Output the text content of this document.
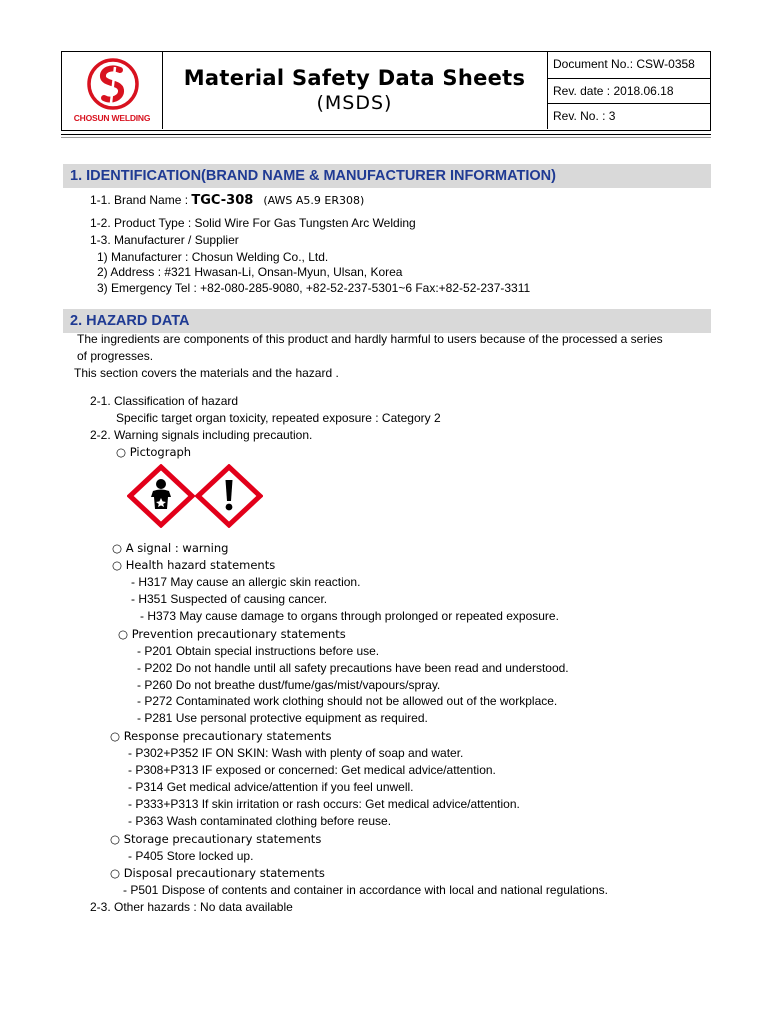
CHOSUN WELDING
Material Safety Data Sheets
(MSDS)
Document No.: CSW-0358
Rev. date : 2018.06.18
Rev. No. : 3
1. IDENTIFICATION(BRAND NAME & MANUFACTURER INFORMATION)
1-1. Brand Name : TGC-308 (AWS A5.9 ER308)
1-2. Product Type : Solid Wire For Gas Tungsten Arc Welding
1-3. Manufacturer / Supplier
1) Manufacturer : Chosun Welding Co., Ltd.
2) Address : #321 Hwasan-Li, Onsan-Myun, Ulsan, Korea
3) Emergency Tel : +82-080-285-9080, +82-52-237-5301~6 Fax:+82-52-237-3311
2. HAZARD DATA
The ingredients are components of this product and hardly harmful to users because of the processed a series
of progresses.
This section covers the materials and the hazard .
2-1. Classification of hazard
Specific target organ toxicity, repeated exposure : Category 2
2-2. Warning signals including precaution.
○ Pictograph
○ A signal : warning
○ Health hazard statements
- H317 May cause an allergic skin reaction.
- H351 Suspected of causing cancer.
- H373 May cause damage to organs through prolonged or repeated exposure.
○ Prevention precautionary statements
- P201 Obtain special instructions before use.
- P202 Do not handle until all safety precautions have been read and understood.
- P260 Do not breathe dust/fume/gas/mist/vapours/spray.
- P272 Contaminated work clothing should not be allowed out of the workplace.
- P281 Use personal protective equipment as required.
○ Response precautionary statements
- P302+P352 IF ON SKIN: Wash with plenty of soap and water.
- P308+P313 IF exposed or concerned: Get medical advice/attention.
- P314 Get medical advice/attention if you feel unwell.
- P333+P313 If skin irritation or rash occurs: Get medical advice/attention.
- P363 Wash contaminated clothing before reuse.
○ Storage precautionary statements
- P405 Store locked up.
○ Disposal precautionary statements
- P501 Dispose of contents and container in accordance with local and national regulations.
2-3. Other hazards : No data available
